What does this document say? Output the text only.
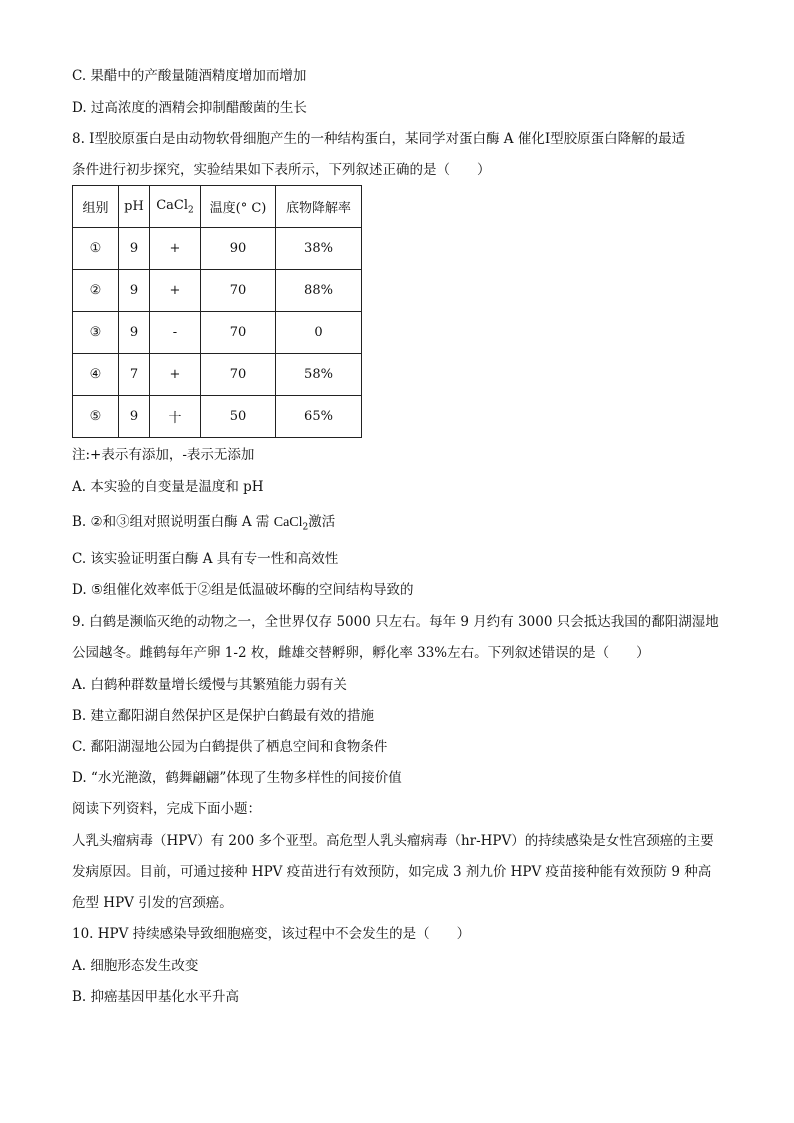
C. 果醋中的产酸量随酒精度增加而增加
D. 过高浓度的酒精会抑制醋酸菌的生长
8. Ⅰ型胶原蛋白是由动物软骨细胞产生的一种结构蛋白，某同学对蛋白酶 A 催化Ⅰ型胶原蛋白降解的最适
条件进行初步探究，实验结果如下表所示，下列叙述正确的是（　　）
组别	pH	CaCl$_2$	温度(° C)	底物降解率
①	9	+	90	38%
②	9	+	70	88%
③	9	-	70	0
④	7	+	70	58%
⑤	9	十	50	65%
注:+表示有添加，-表示无添加
A. 本实验的自变量是温度和 pH
B. ②和③组对照说明蛋白酶 A 需 CaCl$_2$激活
C. 该实验证明蛋白酶 A 具有专一性和高效性
D. ⑤组催化效率低于②组是低温破坏酶的空间结构导致的
9. 白鹤是濒临灭绝的动物之一，全世界仅存 5000 只左右。每年 9 月约有 3000 只会抵达我国的鄱阳湖湿地
公园越冬。雌鹤每年产卵 1-2 枚，雌雄交替孵卵，孵化率 33%左右。下列叙述错误的是（　　）
A. 白鹤种群数量增长缓慢与其繁殖能力弱有关
B. 建立鄱阳湖自然保护区是保护白鹤最有效的措施
C. 鄱阳湖湿地公园为白鹤提供了栖息空间和食物条件
D. “水光滟潋，鹤舞翩翩”体现了生物多样性的间接价值
阅读下列资料，完成下面小题：
人乳头瘤病毒（HPV）有 200 多个亚型。高危型人乳头瘤病毒（hr-HPV）的持续感染是女性宫颈癌的主要
发病原因。目前，可通过接种 HPV 疫苗进行有效预防，如完成 3 剂九价 HPV 疫苗接种能有效预防 9 种高
危型 HPV 引发的宫颈癌。
10. HPV 持续感染导致细胞癌变，该过程中不会发生的是（　　）
A. 细胞形态发生改变
B. 抑癌基因甲基化水平升高
